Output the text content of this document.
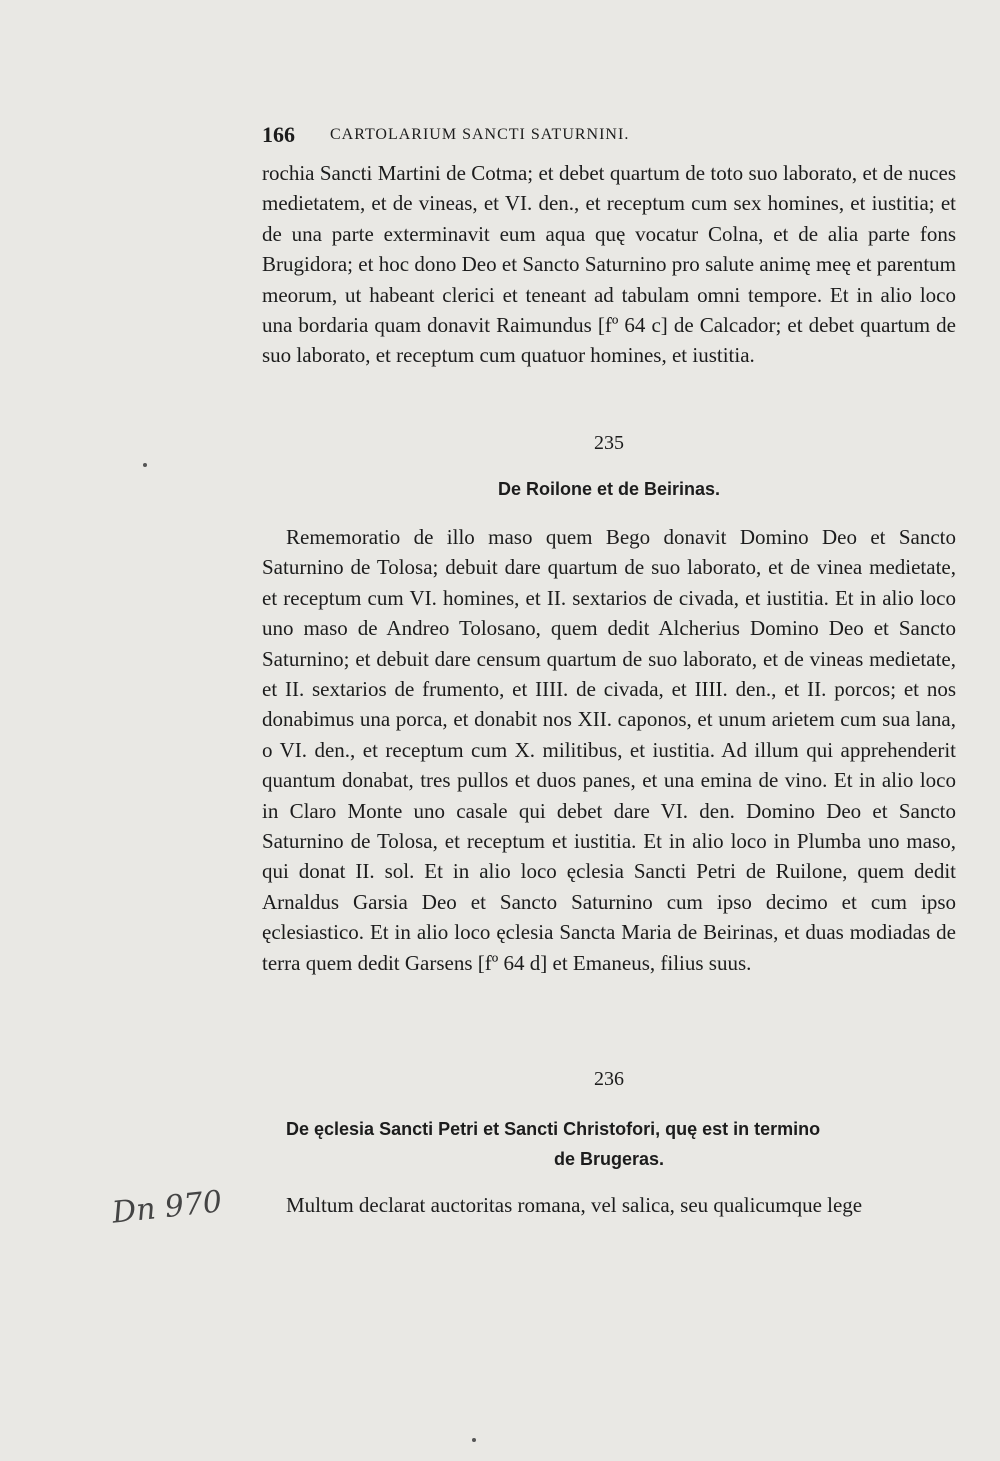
166 CARTOLARIUM SANCTI SATURNINI.

rochia Sancti Martini de Cotma; et debet quartum de toto suo laborato, et de nuces medietatem, et de vineas, et VI. den., et receptum cum sex homines, et iustitia; et de una parte exterminavit eum aqua quę vocatur Colna, et de alia parte fons Brugidora; et hoc dono Deo et Sancto Saturnino pro salute animę meę et parentum meorum, ut habeant clerici et teneant ad tabulam omni tempore. Et in alio loco una bordaria quam donavit Raimundus [fº 64 c] de Calcador; et debet quartum de suo laborato, et receptum cum quatuor homines, et iustitia.

235
De Roilone et de Beirinas.

Rememoratio de illo maso quem Bego donavit Domino Deo et Sancto Saturnino de Tolosa; debuit dare quartum de suo laborato, et de vinea medietate, et receptum cum VI. homines, et II. sextarios de civada, et iustitia. Et in alio loco uno maso de Andreo Tolosano, quem dedit Alcherius Domino Deo et Sancto Saturnino; et debuit dare censum quartum de suo laborato, et de vineas medietate, et II. sextarios de frumento, et IIII. de civada, et IIII. den., et II. porcos; et nos donabimus una porca, et donabit nos XII. caponos, et unum arietem cum sua lana, o VI. den., et receptum cum X. militibus, et iustitia. Ad illum qui apprehenderit quantum donabat, tres pullos et duos panes, et una emina de vino. Et in alio loco in Claro Monte uno casale qui debet dare VI. den. Domino Deo et Sancto Saturnino de Tolosa, et receptum et iustitia. Et in alio loco in Plumba uno maso, qui donat II. sol. Et in alio loco ęclesia Sancti Petri de Ruilone, quem dedit Arnaldus Garsia Deo et Sancto Saturnino cum ipso decimo et cum ipso ęclesiastico. Et in alio loco ęclesia Sancta Maria de Beirinas, et duas modiadas de terra quem dedit Garsens [fº 64 d] et Emaneus, filius suus.

236
De ęclesia Sancti Petri et Sancti Christofori, quę est in termino
de Brugeras.

Multum declarat auctoritas romana, vel salica, seu qualicumque lege

Dn 970
